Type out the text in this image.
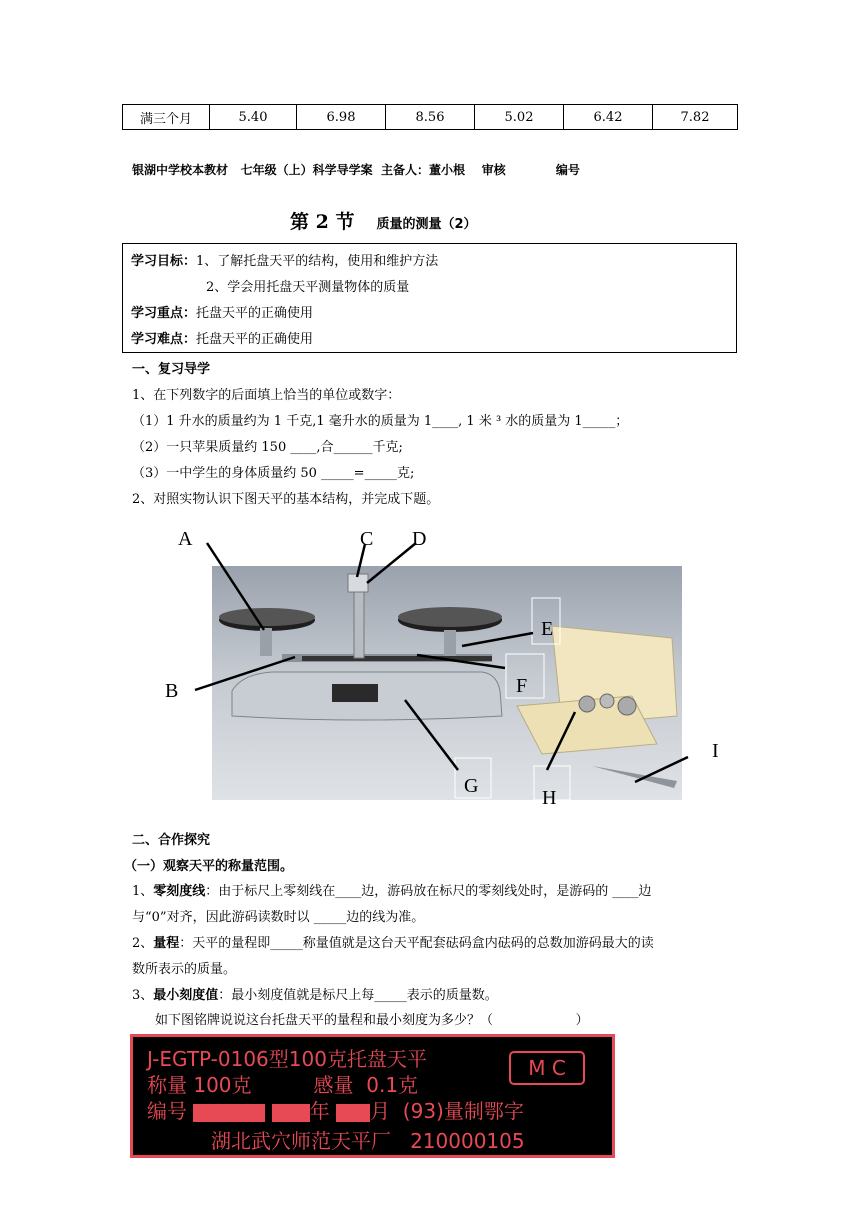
满三个月	5.40	6.98	8.56	5.02	6.42	7.82
银湖中学校本教材 七年级（上）科学导学案 主备人：董小根 审核	编号
第 2 节 质量的测量（2）
学习目标：1、了解托盘天平的结构，使用和维护方法
2、学会用托盘天平测量物体的质量
学习重点：托盘天平的正确使用
学习难点：托盘天平的正确使用
一、复习导学
1、在下列数字的后面填上恰当的单位或数字：
（1）1 升水的质量约为 1 千克,1 毫升水的质量为 1____, 1 米 ³ 水的质量为 1_____；
（2）一只苹果质量约 150 ____,合______千克;
（3）一中学生的身体质量约 50 _____=_____克;
2、对照实物认识下图天平的基本结构，并完成下题。
A
B
C D
E
F
G
H
I
二、合作探究
（一）观察天平的称量范围。
1、零刻度线：由于标尺上零刻线在____边，游码放在标尺的零刻线处时，是游码的 ____边
与“0”对齐，因此游码读数时以 _____边的线为准。
2、量程：天平的量程即_____称量值就是这台天平配套砝码盒内砝码的总数加游码最大的读
数所表示的质量。
3、最小刻度值：最小刻度值就是标尺上每_____表示的质量数。
如下图铭牌说说这台托盘天平的量程和最小刻度为多少？（                    ）
J-EGTP-0106型100克托盘天平
称量 100克	感量  0.1克
M C
编号	年 月 (93)量制鄂字
湖北武穴师范天平厂   210000105
